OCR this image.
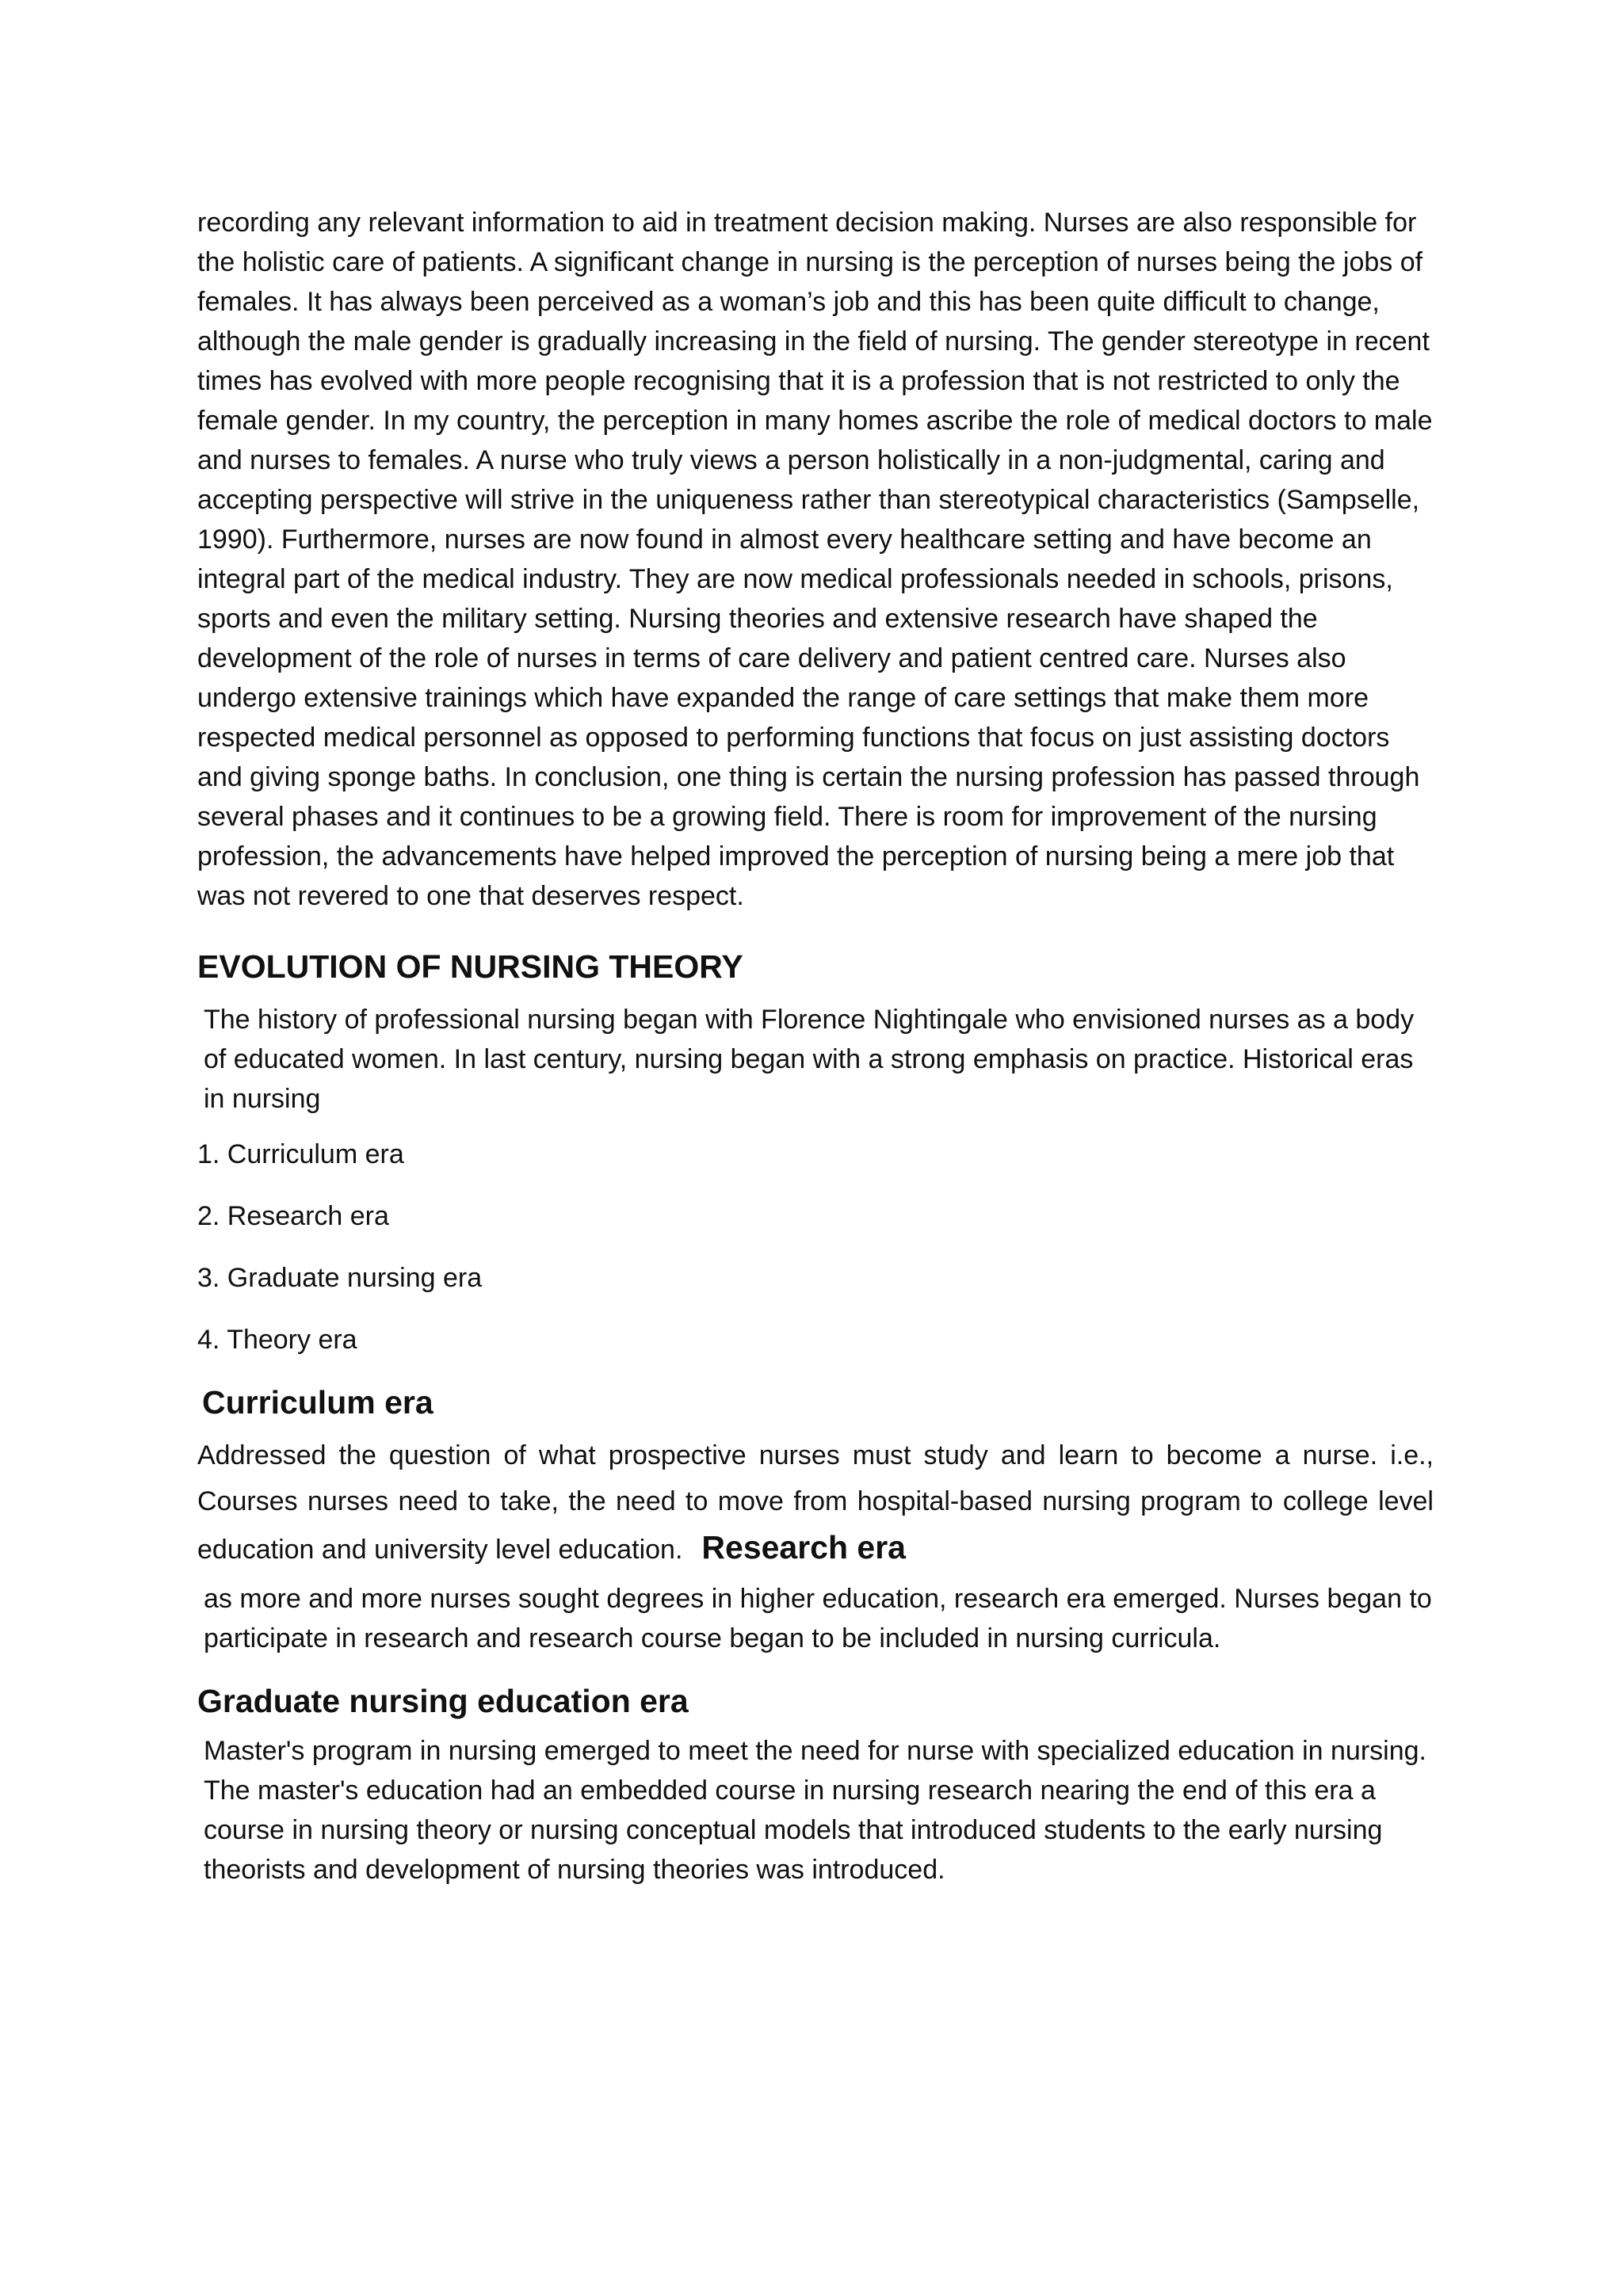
recording any relevant information to aid in treatment decision making. Nurses are also responsible for the holistic care of patients. A significant change in nursing is the perception of nurses being the jobs of females. It has always been perceived as a woman’s job and this has been quite difficult to change, although the male gender is gradually increasing in the field of nursing. The gender stereotype in recent times has evolved with more people recognising that it is a profession that is not restricted to only the female gender. In my country, the perception in many homes ascribe the role of medical doctors to male and nurses to females. A nurse who truly views a person holistically in a non-judgmental, caring and accepting perspective will strive in the uniqueness rather than stereotypical characteristics (Sampselle, 1990). Furthermore, nurses are now found in almost every healthcare setting and have become an integral part of the medical industry. They are now medical professionals needed in schools, prisons, sports and even the military setting. Nursing theories and extensive research have shaped the development of the role of nurses in terms of care delivery and patient centred care. Nurses also undergo extensive trainings which have expanded the range of care settings that make them more respected medical personnel as opposed to performing functions that focus on just assisting doctors and giving sponge baths. In conclusion, one thing is certain the nursing profession has passed through several phases and it continues to be a growing field. There is room for improvement of the nursing profession, the advancements have helped improved the perception of nursing being a mere job that was not revered to one that deserves respect.

EVOLUTION OF NURSING THEORY

The history of professional nursing began with Florence Nightingale who envisioned nurses as a body of educated women. In last century, nursing began with a strong emphasis on practice. Historical eras in nursing

1. Curriculum era
2. Research era
3. Graduate nursing era
4. Theory era
Curriculum era

Addressed the question of what prospective nurses must study and learn to become a nurse. i.e., Courses nurses need to take, the need to move from hospital-based nursing program to college level education and university level education. Research era

as more and more nurses sought degrees in higher education, research era emerged. Nurses began to participate in research and research course began to be included in nursing curricula.

Graduate nursing education era

Master's program in nursing emerged to meet the need for nurse with specialized education in nursing. The master's education had an embedded course in nursing research nearing the end of this era a course in nursing theory or nursing conceptual models that introduced students to the early nursing theorists and development of nursing theories was introduced.
